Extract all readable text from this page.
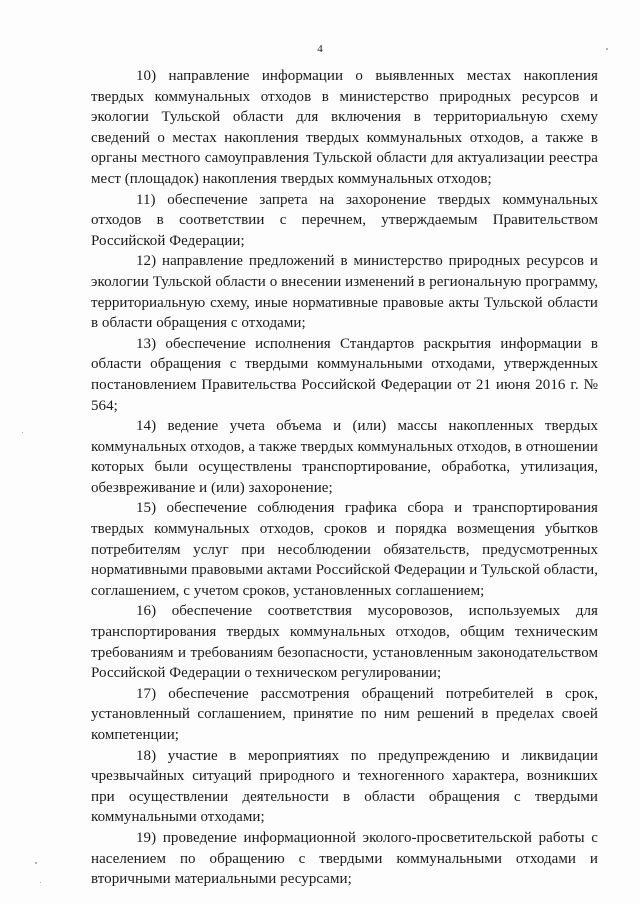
4

10) направление информации о выявленных местах накопления твердых коммунальных отходов в министерство природных ресурсов и экологии Тульской области для включения в территориальную схему сведений о местах накопления твердых коммунальных отходов, а также в органы местного самоуправления Тульской области для актуализации реестра мест (площадок) накопления твердых коммунальных отходов;

11) обеспечение запрета на захоронение твердых коммунальных отходов в соответствии с перечнем, утверждаемым Правительством Российской Федерации;

12) направление предложений в министерство природных ресурсов и экологии Тульской области о внесении изменений в региональную программу, территориальную схему, иные нормативные правовые акты Тульской области в области обращения с отходами;

13) обеспечение исполнения Стандартов раскрытия информации в области обращения с твердыми коммунальными отходами, утвержденных постановлением Правительства Российской Федерации от 21 июня 2016 г. № 564;

14) ведение учета объема и (или) массы накопленных твердых коммунальных отходов, а также твердых коммунальных отходов, в отношении которых были осуществлены транспортирование, обработка, утилизация, обезвреживание и (или) захоронение;

15) обеспечение соблюдения графика сбора и транспортирования твердых коммунальных отходов, сроков и порядка возмещения убытков потребителям услуг при несоблюдении обязательств, предусмотренных нормативными правовыми актами Российской Федерации и Тульской области, соглашением, с учетом сроков, установленных соглашением;

16) обеспечение соответствия мусоровозов, используемых для транспортирования твердых коммунальных отходов, общим техническим требованиям и требованиям безопасности, установленным законодательством Российской Федерации о техническом регулировании;

17) обеспечение рассмотрения обращений потребителей в срок, установленный соглашением, принятие по ним решений в пределах своей компетенции;

18) участие в мероприятиях по предупреждению и ликвидации чрезвычайных ситуаций природного и техногенного характера, возникших при осуществлении деятельности в области обращения с твердыми коммунальными отходами;

19) проведение информационной эколого-просветительской работы с населением по обращению с твердыми коммунальными отходами и вторичными материальными ресурсами;
